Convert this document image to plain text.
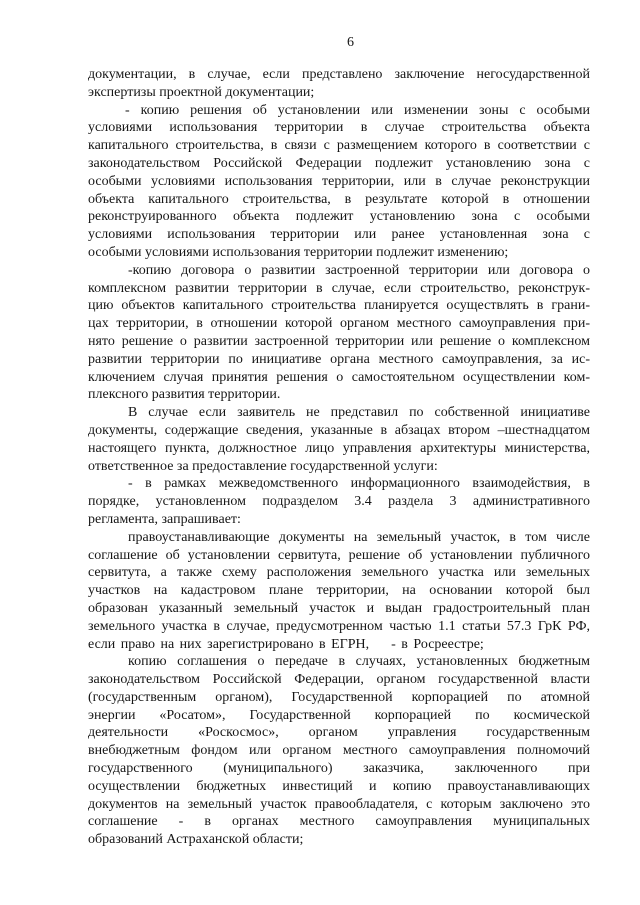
6
документации, в случае, если представлено заключение негосударственной
экспертизы проектной документации;
- копию решения об установлении или изменении зоны с особыми
условиями использования территории в случае строительства объекта
капитального строительства, в связи с размещением которого в соответствии с
законодательством Российской Федерации подлежит установлению зона с
особыми условиями использования территории, или в случае реконструкции
объекта капитального строительства, в результате которой в отношении
реконструированного объекта подлежит установлению зона с особыми
условиями использования территории или ранее установленная зона с
особыми условиями использования территории подлежит изменению;
-копию договора о развитии застроенной территории или договора о
комплексном развитии территории в случае, если строительство, реконструк-
цию объектов капитального строительства планируется осуществлять в грани-
цах территории, в отношении которой органом местного самоуправления при-
нято решение о развитии застроенной территории или решение о комплексном
развитии территории по инициативе органа местного самоуправления, за ис-
ключением случая принятия решения о самостоятельном осуществлении ком-
плексного развития территории.
В случае если заявитель не представил по собственной инициативе
документы, содержащие сведения, указанные в абзацах втором –шестнадцатом
настоящего пункта, должностное лицо управления архитектуры министерства,
ответственное за предоставление государственной услуги:
- в рамках межведомственного информационного взаимодействия, в
порядке, установленном подразделом 3.4 раздела 3 административного
регламента, запрашивает:
правоустанавливающие документы на земельный участок, в том числе
соглашение об установлении сервитута, решение об установлении публичного
сервитута, а также схему расположения земельного участка или земельных
участков на кадастровом плане территории, на основании которой был
образован указанный земельный участок и выдан градостроительный план
земельного участка в случае, предусмотренном частью 1.1 статьи 57.3 ГрК РФ,
если право на них зарегистрировано в ЕГРН,    - в Росреестре;
копию соглашения о передаче в случаях, установленных бюджетным
законодательством Российской Федерации, органом государственной власти
(государственным органом), Государственной корпорацией по атомной
энергии «Росатом», Государственной корпорацией по космической
деятельности «Роскосмос», органом управления государственным
внебюджетным фондом или органом местного самоуправления полномочий
государственного (муниципального) заказчика, заключенного при
осуществлении бюджетных инвестиций и копию правоустанавливающих
документов на земельный участок правообладателя, с которым заключено это
соглашение - в органах местного самоуправления муниципальных
образований Астраханской области;
